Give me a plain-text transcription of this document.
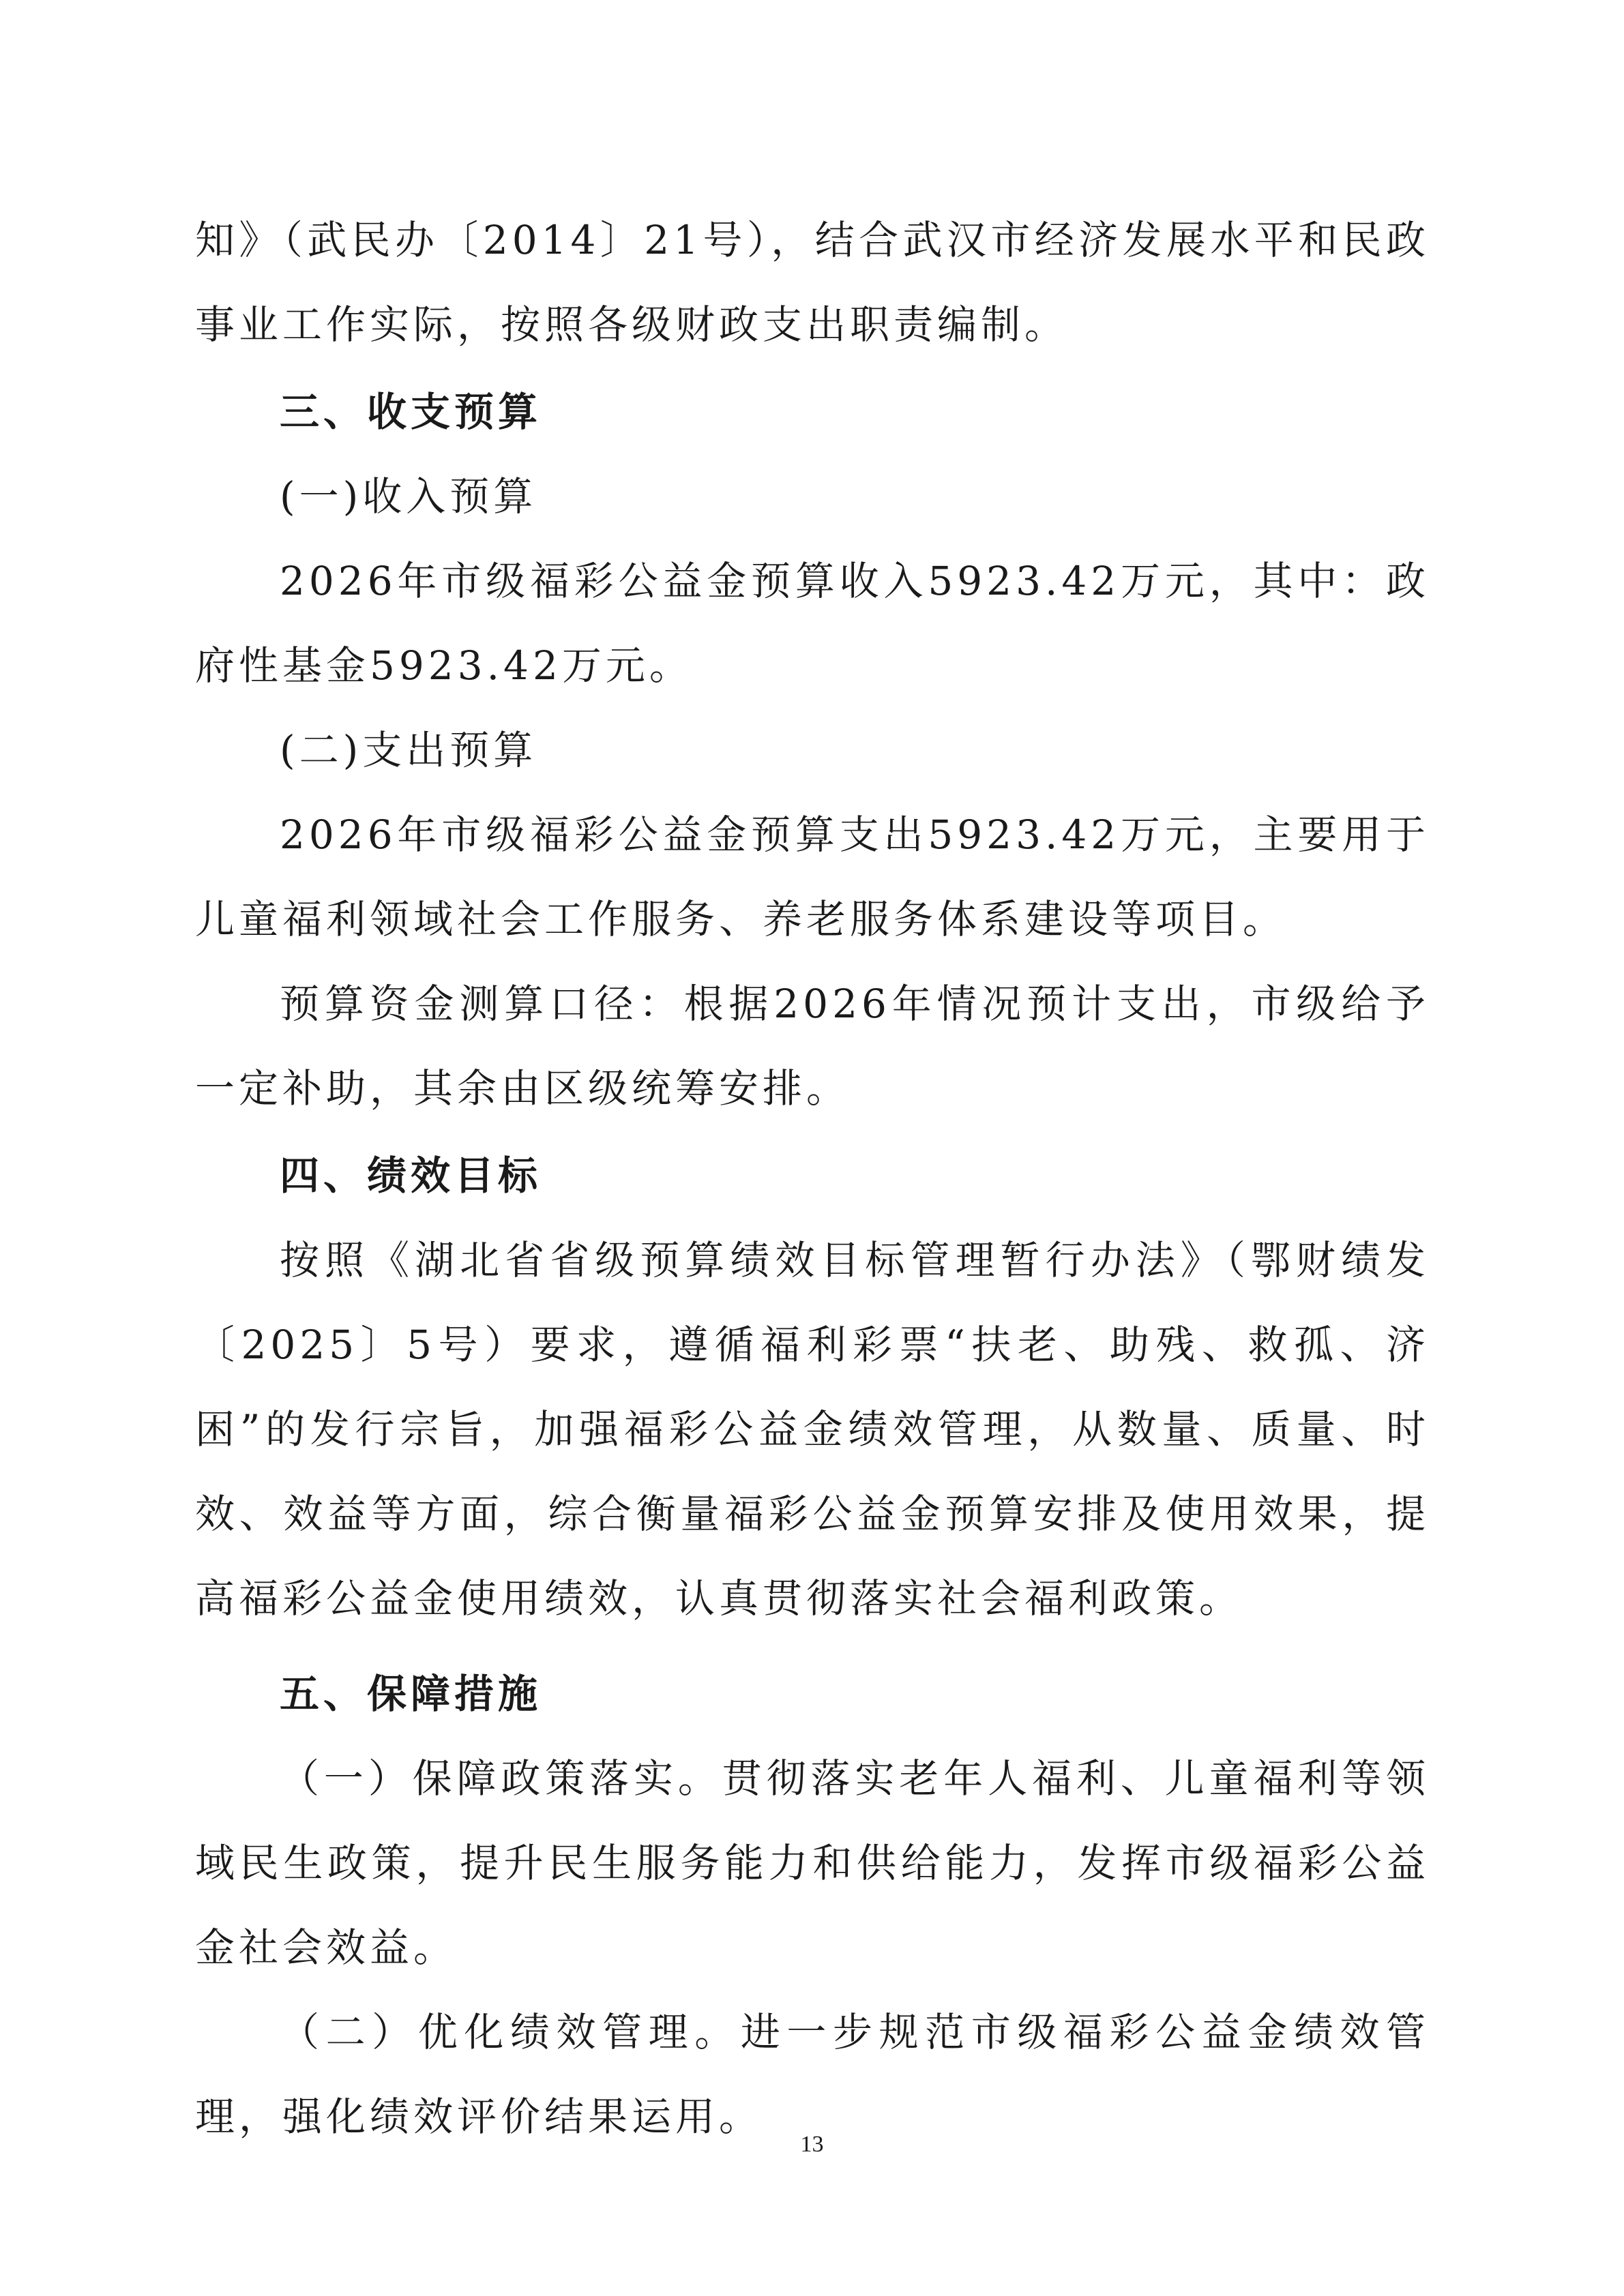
知》（武民办〔2014〕21号），结合武汉市经济发展水平和民政事业工作实际，按照各级财政支出职责编制。

三、收支预算

(一)收入预算

2026年市级福彩公益金预算收入5923.42万元，其中：政府性基金5923.42万元。

(二)支出预算

2026年市级福彩公益金预算支出5923.42万元，主要用于儿童福利领域社会工作服务、养老服务体系建设等项目。

预算资金测算口径：根据2026年情况预计支出，市级给予一定补助，其余由区级统筹安排。

四、绩效目标

按照《湖北省省级预算绩效目标管理暂行办法》（鄂财绩发〔2025〕5号）要求，遵循福利彩票“扶老、助残、救孤、济困”的发行宗旨，加强福彩公益金绩效管理，从数量、质量、时效、效益等方面，综合衡量福彩公益金预算安排及使用效果，提高福彩公益金使用绩效，认真贯彻落实社会福利政策。

五、保障措施

（一）保障政策落实。贯彻落实老年人福利、儿童福利等领域民生政策，提升民生服务能力和供给能力，发挥市级福彩公益金社会效益。

（二）优化绩效管理。进一步规范市级福彩公益金绩效管理，强化绩效评价结果运用。

13
